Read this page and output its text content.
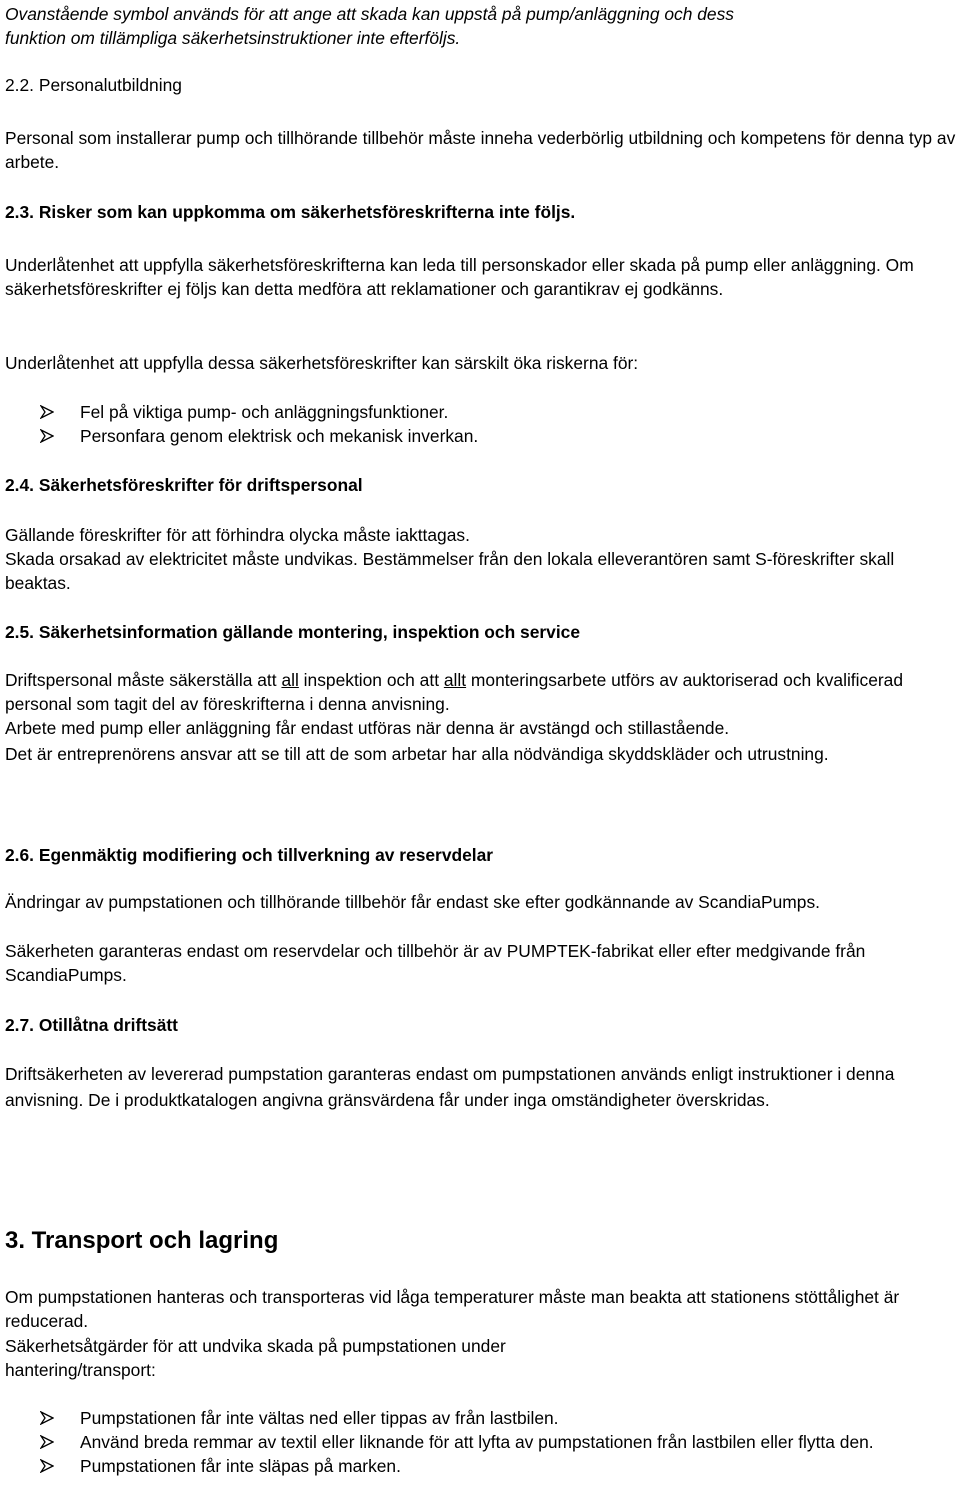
Ovanstående symbol används för att ange att skada kan uppstå på pump/anläggning och dess
funktion om tillämpliga säkerhetsinstruktioner inte efterföljs.

2.2. Personalutbildning

Personal som installerar pump och tillhörande tillbehör måste inneha vederbörlig utbildning och kompetens för denna typ av arbete.

2.3. Risker som kan uppkomma om säkerhetsföreskrifterna inte följs.

Underlåtenhet att uppfylla säkerhetsföreskrifterna kan leda till personskador eller skada på pump eller anläggning. Om säkerhetsföreskrifter ej följs kan detta medföra att reklamationer och garantikrav ej godkänns.

Underlåtenhet att uppfylla dessa säkerhetsföreskrifter kan särskilt öka riskerna för:

Fel på viktiga pump- och anläggningsfunktioner.
Personfara genom elektrisk och mekanisk inverkan.

2.4. Säkerhetsföreskrifter för driftspersonal

Gällande föreskrifter för att förhindra olycka måste iakttagas.

Skada orsakad av elektricitet måste undvikas. Bestämmelser från den lokala elleverantören samt S-föreskrifter skall beaktas.

2.5. Säkerhetsinformation gällande montering, inspektion och service

Driftspersonal måste säkerställa att all inspektion och att allt monteringsarbete utförs av auktoriserad och kvalificerad personal som tagit del av föreskrifterna i denna anvisning.

Arbete med pump eller anläggning får endast utföras när denna är avstängd och stillastående.

Det är entreprenörens ansvar att se till att de som arbetar har alla nödvändiga skyddskläder och utrustning.

2.6. Egenmäktig modifiering och tillverkning av reservdelar

Ändringar av pumpstationen och tillhörande tillbehör får endast ske efter godkännande av ScandiaPumps.

Säkerheten garanteras endast om reservdelar och tillbehör är av PUMPTEK-fabrikat eller efter medgivande från ScandiaPumps.

2.7. Otillåtna driftsätt

Driftsäkerheten av levererad pumpstation garanteras endast om pumpstationen används enligt instruktioner i denna anvisning. De i produktkatalogen angivna gränsvärdena får under inga omständigheter överskridas.

3. Transport och lagring

Om pumpstationen hanteras och transporteras vid låga temperaturer måste man beakta att stationens stöttålighet är reducerad.

Säkerhetsåtgärder för att undvika skada på pumpstationen under
hantering/transport:

Pumpstationen får inte vältas ned eller tippas av från lastbilen.
Använd breda remmar av textil eller liknande för att lyfta av pumpstationen från lastbilen eller flytta den.
Pumpstationen får inte släpas på marken.
